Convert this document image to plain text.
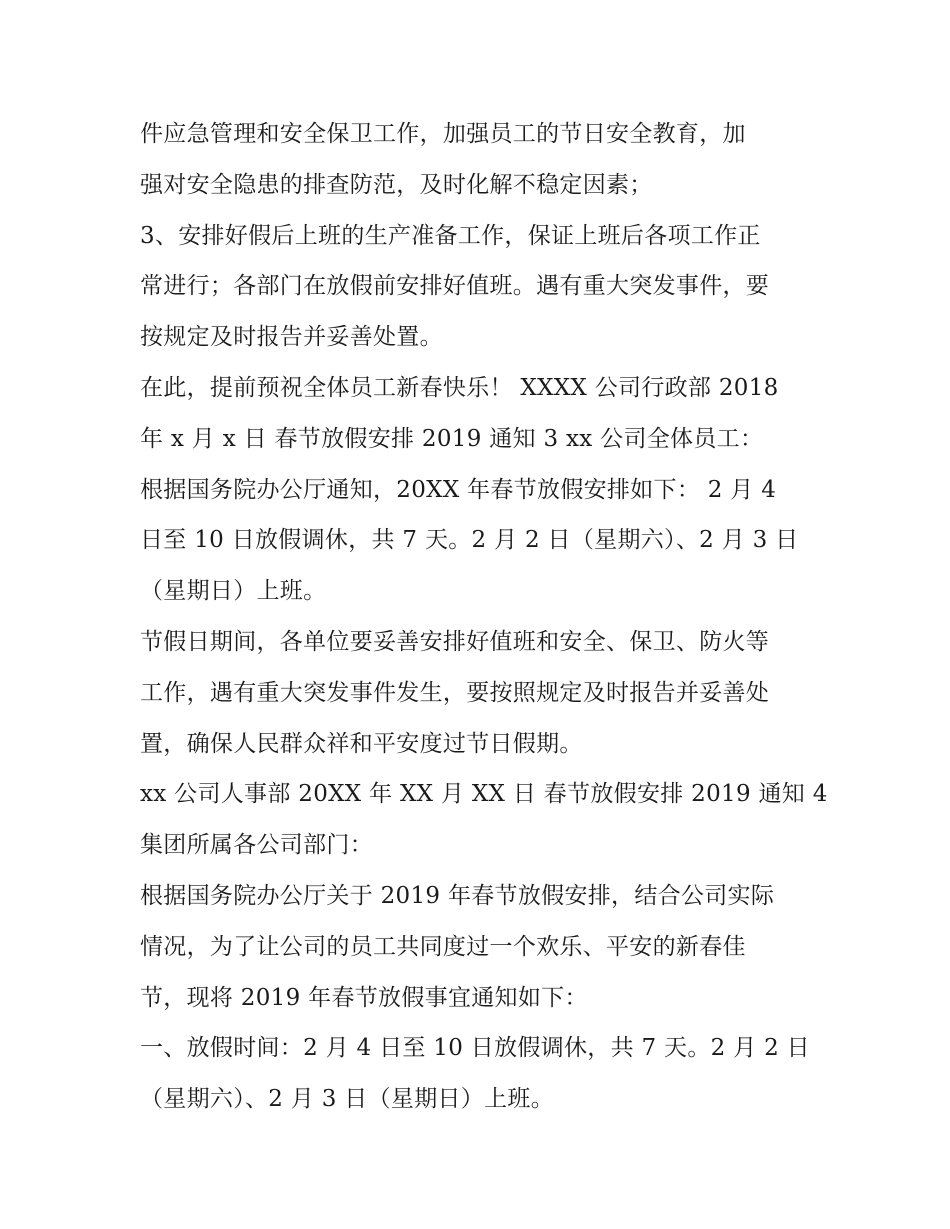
件应急管理和安全保卫工作，加强员工的节日安全教育，加
强对安全隐患的排查防范，及时化解不稳定因素；
3、安排好假后上班的生产准备工作，保证上班后各项工作正
常进行；各部门在放假前安排好值班。遇有重大突发事件，要
按规定及时报告并妥善处置。
在此，提前预祝全体员工新春快乐！ XXXX 公司行政部 2018
年 x 月 x 日 春节放假安排 2019 通知 3 xx 公司全体员工：
根据国务院办公厅通知，20XX 年春节放假安排如下： 2 月 4
日至 10 日放假调休，共 7 天。2 月 2 日（星期六）、2 月 3 日
（星期日）上班。
节假日期间，各单位要妥善安排好值班和安全、保卫、防火等
工作，遇有重大突发事件发生，要按照规定及时报告并妥善处
置，确保人民群众祥和平安度过节日假期。
xx 公司人事部 20XX 年 XX 月 XX 日 春节放假安排 2019 通知 4
集团所属各公司部门：
根据国务院办公厅关于 2019 年春节放假安排，结合公司实际
情况，为了让公司的员工共同度过一个欢乐、平安的新春佳
节，现将 2019 年春节放假事宜通知如下：
一、放假时间：2 月 4 日至 10 日放假调休，共 7 天。2 月 2 日
（星期六）、2 月 3 日（星期日）上班。
